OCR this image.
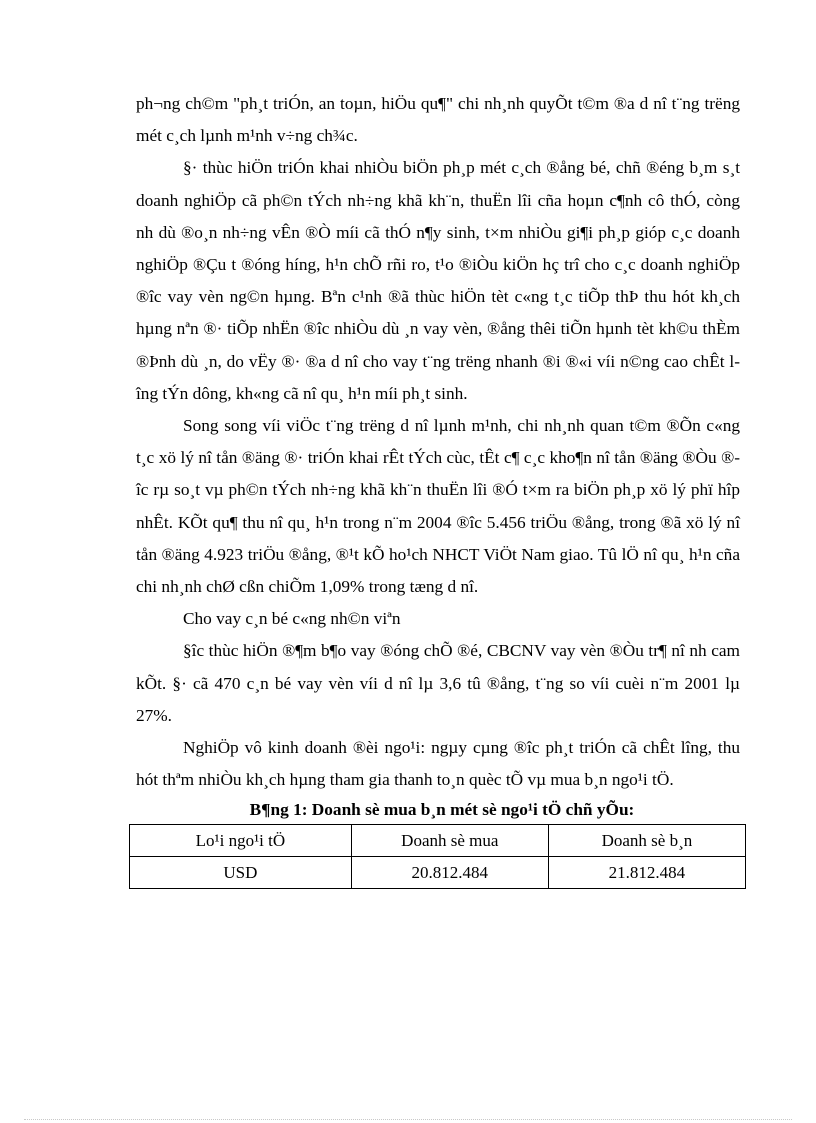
ph¬ng ch©m "ph¸t triÓn, an toµn, hiÖu qu¶" chi nh¸nh quyÕt t©m ®a d nî t¨ng trëng mét c¸ch lµnh m¹nh v÷ng ch¾c.

§· thùc hiÖn triÓn khai nhiÒu biÖn ph¸p mét c¸ch ®ång bé, chñ ®éng b¸m s¸t doanh nghiÖp cã ph©n tÝch nh÷ng khã kh¨n, thuËn lîi cña hoµn c¶nh cô thÓ, còng nh dù ®o¸n nh÷ng vÊn ®Ò míi cã thÓ n¶y sinh, t×m nhiÒu gi¶i ph¸p gióp c¸c doanh nghiÖp ®Çu t ®óng híng, h¹n chÕ rñi ro, t¹o ®iÒu kiÖn hç trî cho c¸c doanh nghiÖp ®îc vay vèn ng©n hµng. Bªn c¹nh ®ã thùc hiÖn tèt c«ng t¸c tiÕp thÞ thu hót kh¸ch hµng nªn ®· tiÕp nhËn ®îc nhiÒu dù ¸n vay vèn, ®ång thêi tiÕn hµnh tèt kh©u thÈm ®Þnh dù ¸n, do vËy ®· ®a d nî cho vay t¨ng trëng nhanh ®i ®«i víi n©ng cao chÊt lîng tÝn dông, kh«ng cã nî qu¸ h¹n míi ph¸t sinh.

Song song víi viÖc t¨ng trëng d nî lµnh m¹nh, chi nh¸nh quan t©m ®Õn c«ng t¸c xö lý nî tån ®äng ®· triÓn khai rÊt tÝch cùc, tÊt c¶ c¸c kho¶n nî tån ®äng ®Òu ®îc rµ so¸t vµ ph©n tÝch nh÷ng khã kh¨n thuËn lîi ®Ó t×m ra biÖn ph¸p xö lý phï hîp nhÊt. KÕt qu¶ thu nî qu¸ h¹n trong n¨m 2004 ®îc 5.456 triÖu ®ång, trong ®ã xö lý nî tån ®äng 4.923 triÖu ®ång, ®¹t kÕ ho¹ch NHCT ViÖt Nam giao. Tû lÖ nî qu¸ h¹n cña chi nh¸nh chØ cßn chiÕm 1,09% trong tæng d nî.

Cho vay c¸n bé c«ng nh©n viªn

§îc thùc hiÖn ®¶m b¶o vay ®óng chÕ ®é, CBCNV vay vèn ®Òu tr¶ nî nh cam kÕt. §· cã 470 c¸n bé vay vèn víi d nî lµ 3,6 tû ®ång, t¨ng so víi cuèi n¨m 2001 lµ 27%.

NghiÖp vô kinh doanh ®èi ngo¹i: ngµy cµng ®îc ph¸t triÓn cã chÊt lîng, thu hót thªm nhiÒu kh¸ch hµng tham gia thanh to¸n quèc tÕ vµ mua b¸n ngo¹i tÖ.

B¶ng 1: Doanh sè mua b¸n mét sè ngo¹i tÖ chñ yÕu:

Lo¹i ngo¹i tÖ	Doanh sè mua	Doanh sè b¸n
USD	20.812.484	21.812.484
